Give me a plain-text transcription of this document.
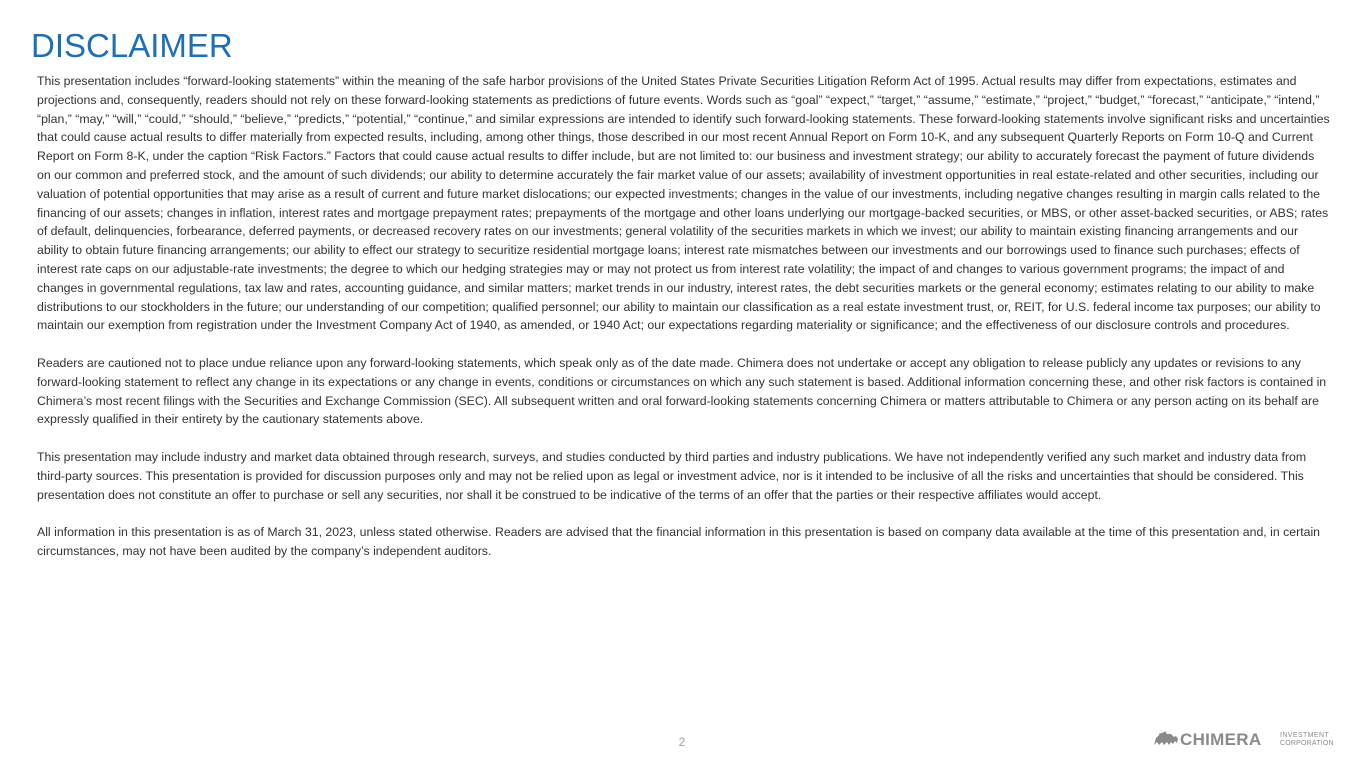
DISCLAIMER

This presentation includes “forward-looking statements” within the meaning of the safe harbor provisions of the United States Private Securities Litigation Reform Act of 1995. Actual results may differ from expectations, estimates and projections and, consequently, readers should not rely on these forward-looking statements as predictions of future events. Words such as “goal” “expect,” “target,” “assume,” “estimate,” “project,” “budget,” “forecast,” “anticipate,” “intend,” “plan,” “may,” “will,” “could,” “should,” “believe,” “predicts,” “potential,” “continue,” and similar expressions are intended to identify such forward-looking statements. These forward-looking statements involve significant risks and uncertainties that could cause actual results to differ materially from expected results, including, among other things, those described in our most recent Annual Report on Form 10-K, and any subsequent Quarterly Reports on Form 10-Q and Current Report on Form 8-K, under the caption “Risk Factors.” Factors that could cause actual results to differ include, but are not limited to: our business and investment strategy; our ability to accurately forecast the payment of future dividends on our common and preferred stock, and the amount of such dividends; our ability to determine accurately the fair market value of our assets; availability of investment opportunities in real estate-related and other securities, including our valuation of potential opportunities that may arise as a result of current and future market dislocations; our expected investments; changes in the value of our investments, including negative changes resulting in margin calls related to the financing of our assets; changes in inflation, interest rates and mortgage prepayment rates; prepayments of the mortgage and other loans underlying our mortgage-backed securities, or MBS, or other asset-backed securities, or ABS; rates of default, delinquencies, forbearance, deferred payments, or decreased recovery rates on our investments; general volatility of the securities markets in which we invest; our ability to maintain existing financing arrangements and our ability to obtain future financing arrangements; our ability to effect our strategy to securitize residential mortgage loans; interest rate mismatches between our investments and our borrowings used to finance such purchases; effects of interest rate caps on our adjustable-rate investments; the degree to which our hedging strategies may or may not protect us from interest rate volatility; the impact of and changes to various government programs; the impact of and changes in governmental regulations, tax law and rates, accounting guidance, and similar matters; market trends in our industry, interest rates, the debt securities markets or the general economy; estimates relating to our ability to make distributions to our stockholders in the future; our understanding of our competition; qualified personnel; our ability to maintain our classification as a real estate investment trust, or, REIT, for U.S. federal income tax purposes; our ability to maintain our exemption from registration under the Investment Company Act of 1940, as amended, or 1940 Act; our expectations regarding materiality or significance; and the effectiveness of our disclosure controls and procedures.

Readers are cautioned not to place undue reliance upon any forward-looking statements, which speak only as of the date made. Chimera does not undertake or accept any obligation to release publicly any updates or revisions to any forward-looking statement to reflect any change in its expectations or any change in events, conditions or circumstances on which any such statement is based. Additional information concerning these, and other risk factors is contained in Chimera’s most recent filings with the Securities and Exchange Commission (SEC). All subsequent written and oral forward-looking statements concerning Chimera or matters attributable to Chimera or any person acting on its behalf are expressly qualified in their entirety by the cautionary statements above.

This presentation may include industry and market data obtained through research, surveys, and studies conducted by third parties and industry publications. We have not independently verified any such market and industry data from third-party sources. This presentation is provided for discussion purposes only and may not be relied upon as legal or investment advice, nor is it intended to be inclusive of all the risks and uncertainties that should be considered. This presentation does not constitute an offer to purchase or sell any securities, nor shall it be construed to be indicative of the terms of an offer that the parties or their respective affiliates would accept.

All information in this presentation is as of March 31, 2023, unless stated otherwise. Readers are advised that the financial information in this presentation is based on company data available at the time of this presentation and, in certain circumstances, may not have been audited by the company’s independent auditors.

2	CHIMERA	INVESTMENT
CORPORATION
